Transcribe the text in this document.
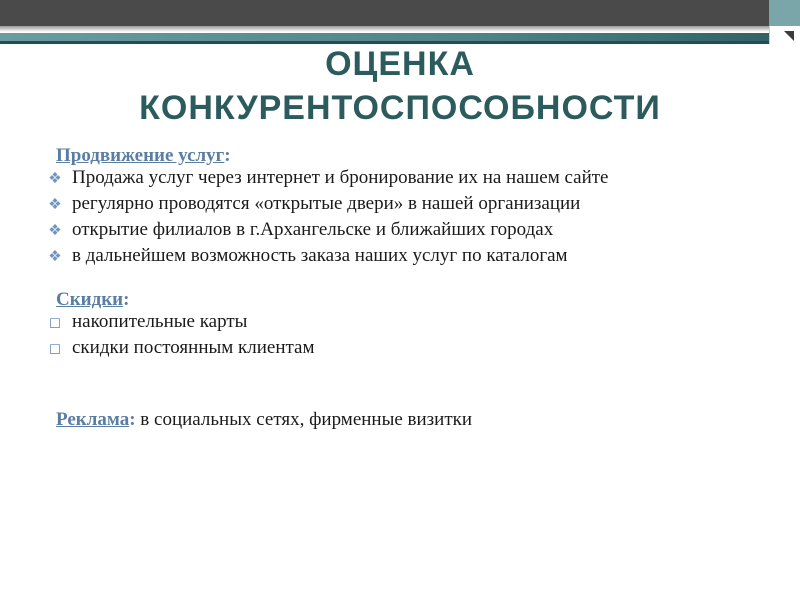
ОЦЕНКА
КОНКУРЕНТОСПОСОБНОСТИ

Продвижение услуг:

❖ Продажа услуг через интернет и бронирование их на нашем сайте
❖ регулярно проводятся «открытые двери» в нашей организации
❖ открытие филиалов в г.Архангельске и ближайших городах
❖ в дальнейшем возможность заказа наших услуг по каталогам

Скидки:

◻ накопительные карты
◻ скидки постоянным клиентам

Реклама: в социальных сетях, фирменные визитки
